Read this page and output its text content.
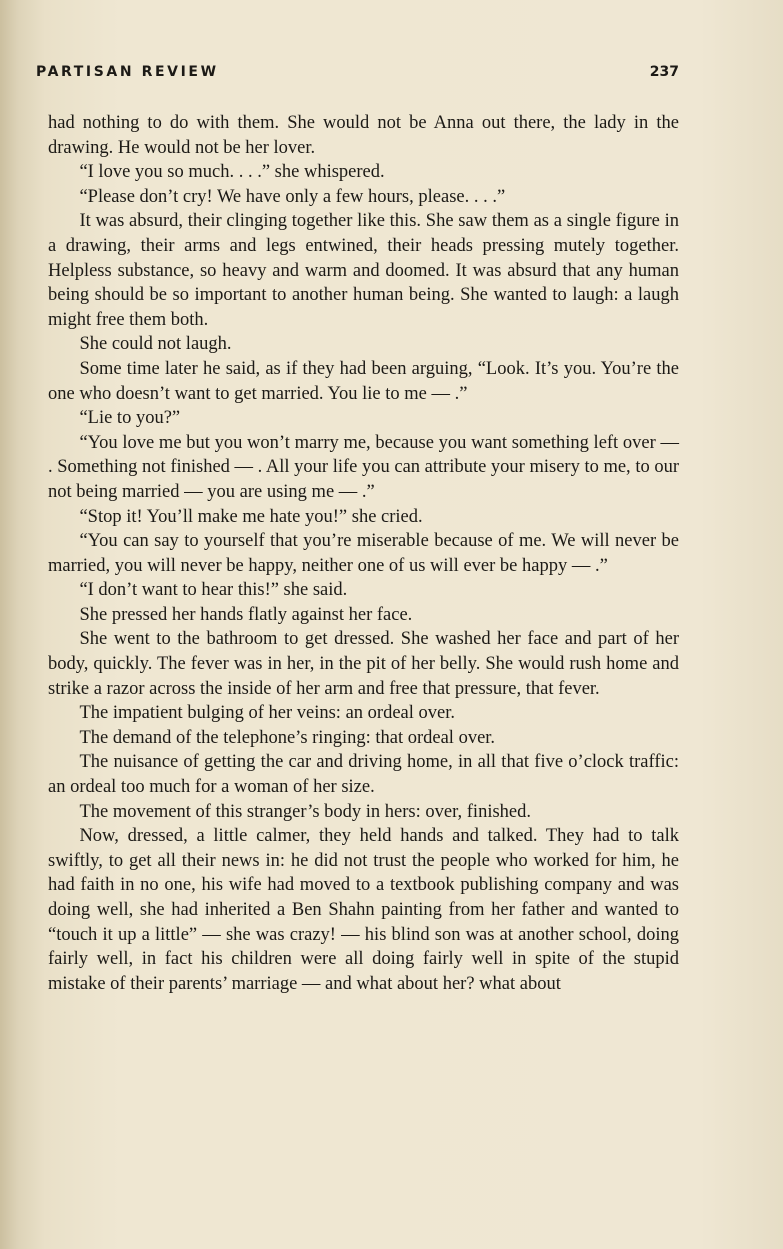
PARTISAN REVIEW	237

had nothing to do with them. She would not be Anna out there, the lady in the drawing. He would not be her lover.

“I love you so much. . . .” she whispered.

“Please don’t cry! We have only a few hours, please. . . .”

It was absurd, their clinging together like this. She saw them as a single figure in a drawing, their arms and legs entwined, their heads pressing mutely together. Helpless substance, so heavy and warm and doomed. It was absurd that any human being should be so important to another human being. She wanted to laugh: a laugh might free them both.

She could not laugh.

Some time later he said, as if they had been arguing, “Look. It’s you. You’re the one who doesn’t want to get married. You lie to me — .”

“Lie to you?”

“You love me but you won’t marry me, because you want something left over — . Something not finished — . All your life you can attribute your misery to me, to our not being married — you are using me — .”

“Stop it! You’ll make me hate you!” she cried.

“You can say to yourself that you’re miserable because of me. We will never be married, you will never be happy, neither one of us will ever be happy — .”

“I don’t want to hear this!” she said.

She pressed her hands flatly against her face.

She went to the bathroom to get dressed. She washed her face and part of her body, quickly. The fever was in her, in the pit of her belly. She would rush home and strike a razor across the inside of her arm and free that pressure, that fever.

The impatient bulging of her veins: an ordeal over.

The demand of the telephone’s ringing: that ordeal over.

The nuisance of getting the car and driving home, in all that five o’clock traffic: an ordeal too much for a woman of her size.

The movement of this stranger’s body in hers: over, finished.

Now, dressed, a little calmer, they held hands and talked. They had to talk swiftly, to get all their news in: he did not trust the people who worked for him, he had faith in no one, his wife had moved to a textbook publishing company and was doing well, she had inherited a Ben Shahn painting from her father and wanted to “touch it up a little” — she was crazy! — his blind son was at another school, doing fairly well, in fact his children were all doing fairly well in spite of the stupid mistake of their parents’ marriage — and what about her? what about
